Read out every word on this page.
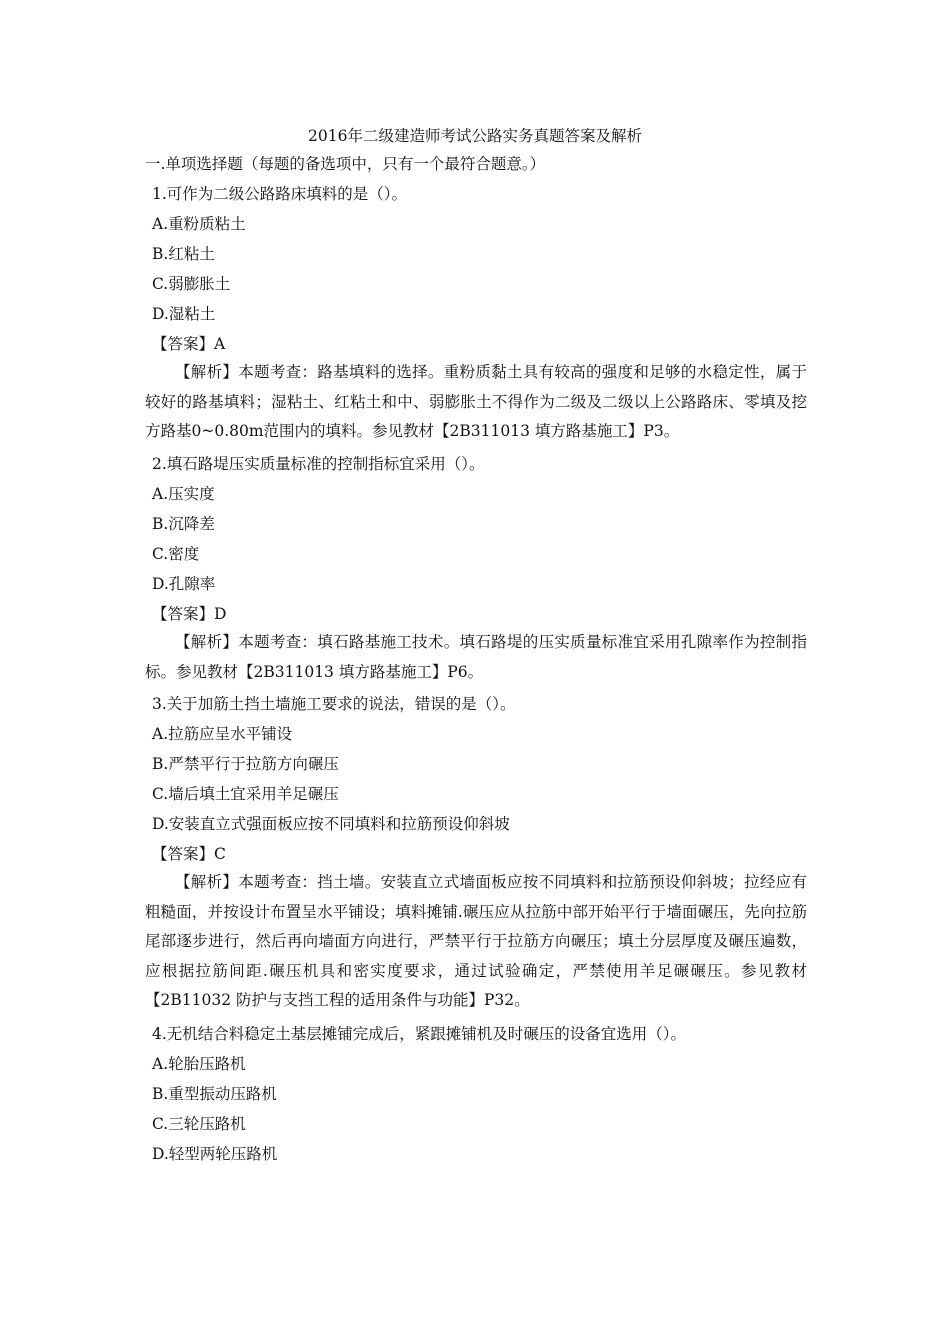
2016年二级建造师考试公路实务真题答案及解析
一.单项选择题（每题的备选项中，只有一个最符合题意。）
1.可作为二级公路路床填料的是（）。
A.重粉质粘土
B.红粘土
C.弱膨胀土
D.湿粘土
【答案】A
【解析】本题考查：路基填料的选择。重粉质黏土具有较高的强度和足够的水稳定性，属于较好的路基填料；湿粘土、红粘土和中、弱膨胀土不得作为二级及二级以上公路路床、零填及挖方路基0~0.80m范围内的填料。参见教材【2B311013 填方路基施工】P3。
2.填石路堤压实质量标准的控制指标宜采用（）。
A.压实度
B.沉降差
C.密度
D.孔隙率
【答案】D
【解析】本题考查：填石路基施工技术。填石路堤的压实质量标准宜采用孔隙率作为控制指标。参见教材【2B311013 填方路基施工】P6。
3.关于加筋土挡土墙施工要求的说法，错误的是（）。
A.拉筋应呈水平铺设
B.严禁平行于拉筋方向碾压
C.墙后填土宜采用羊足碾压
D.安装直立式强面板应按不同填料和拉筋预设仰斜坡
【答案】C
【解析】本题考查：挡土墙。安装直立式墙面板应按不同填料和拉筋预设仰斜坡；拉经应有粗糙面，并按设计布置呈水平铺设；填料摊铺.碾压应从拉筋中部开始平行于墙面碾压，先向拉筋尾部逐步进行，然后再向墙面方向进行，严禁平行于拉筋方向碾压；填土分层厚度及碾压遍数，应根据拉筋间距.碾压机具和密实度要求，通过试验确定，严禁使用羊足碾碾压。参见教材【2B11032 防护与支挡工程的适用条件与功能】P32。
4.无机结合料稳定土基层摊铺完成后，紧跟摊铺机及时碾压的设备宜选用（）。
A.轮胎压路机
B.重型振动压路机
C.三轮压路机
D.轻型两轮压路机
